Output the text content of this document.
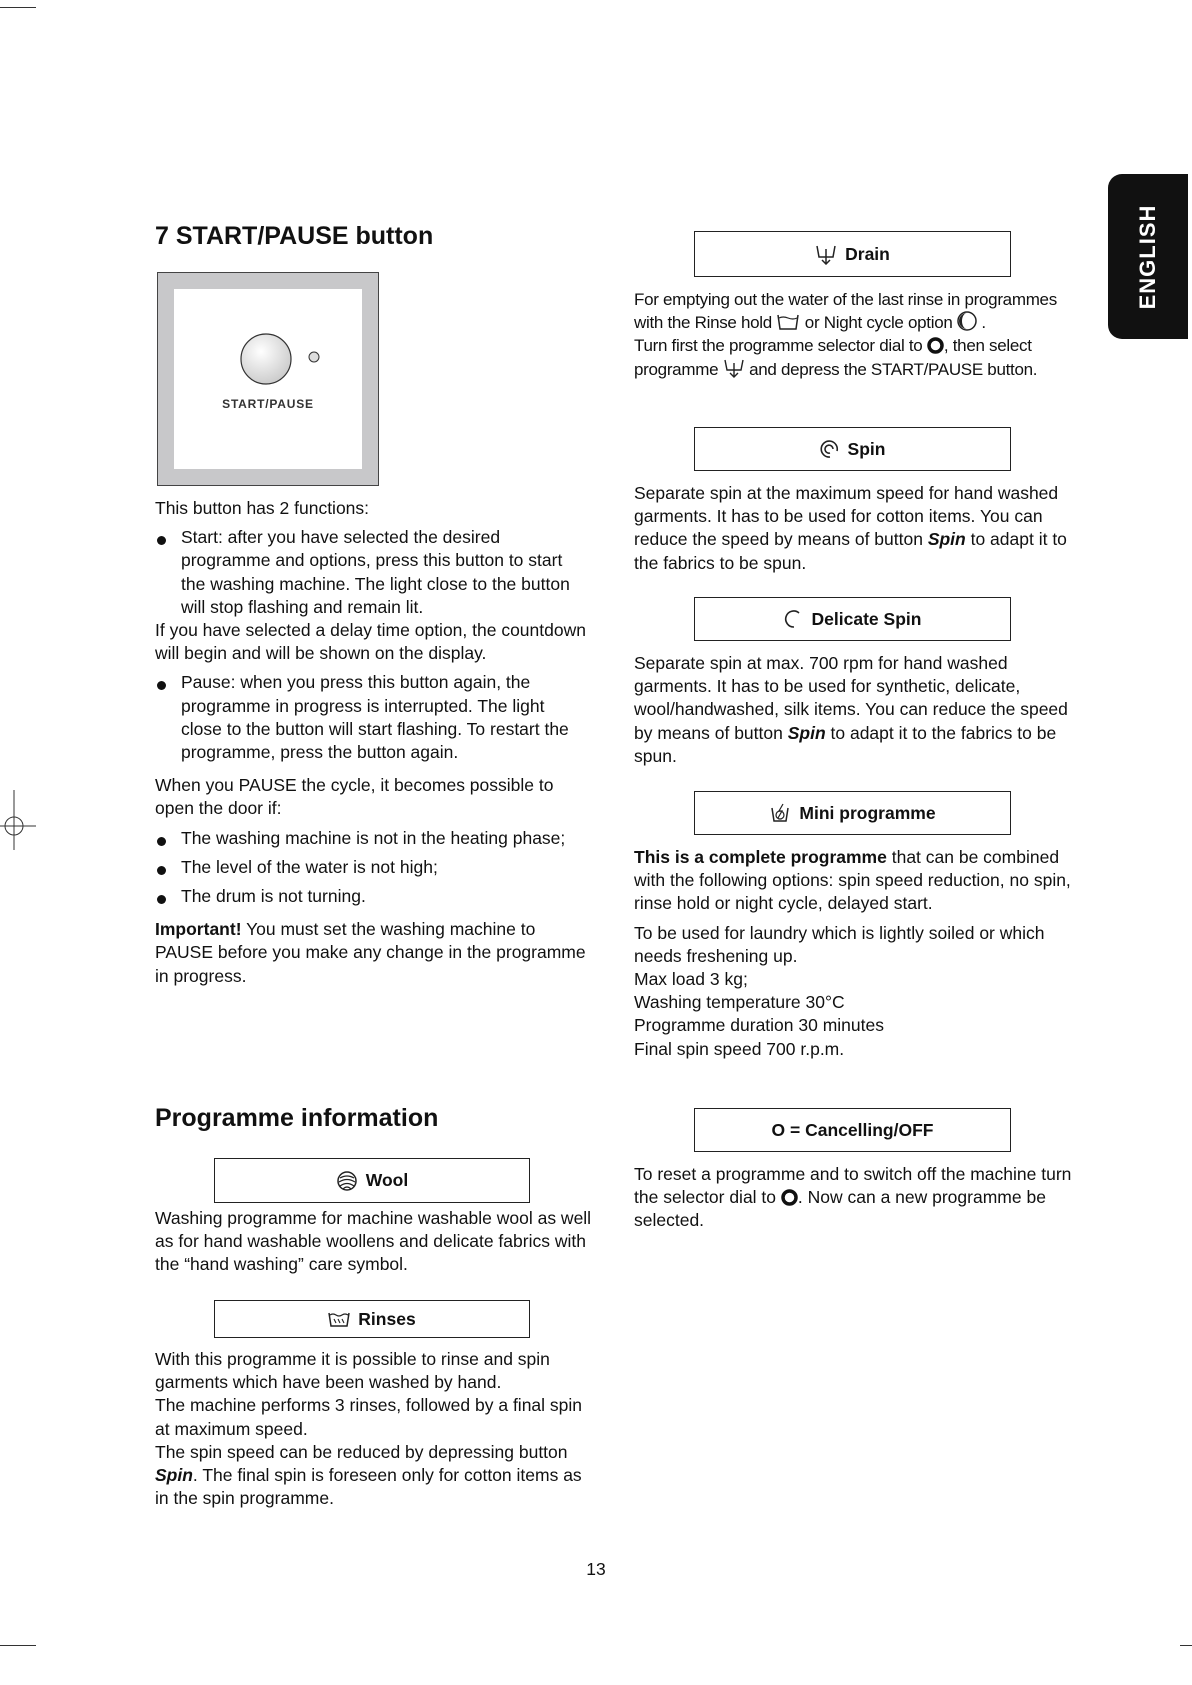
ENGLISH
7 START/PAUSE button
START/PAUSE

This button has 2 functions:

Start: after you have selected the desired programme and options, press this button to start the washing machine. The light close to the button will stop flashing and remain lit.

If you have selected a delay time option, the countdown will begin and will be shown on the display.

Pause: when you press this button again, the programme in progress is interrupted. The light close to the button will start flashing. To restart the programme, press the button again.

When you PAUSE the cycle, it becomes possible to open the door if:

The washing machine is not in the heating phase;

The level of the water is not high;

The drum is not turning.

Important! You must set the washing machine to PAUSE before you make any change in the programme in progress.

Programme information
Wool

Washing programme for machine washable wool as well as for hand washable woollens and delicate fabrics with the “hand washing” care symbol.

Rinses

With this programme it is possible to rinse and spin garments which have been washed by hand.

The machine performs 3 rinses, followed by a final spin at maximum speed.

The spin speed can be reduced by depressing button Spin. The final spin is foreseen only for cotton items as in the spin programme.

Drain

For emptying out the water of the last rinse in programmes with the Rinse hold  or Night cycle option  .
Turn first the programme selector dial to , then select programme  and depress the START/PAUSE button.

Spin

Separate spin at the maximum speed for hand washed garments. It has to be used for cotton items. You can reduce the speed by means of button Spin to adapt it to the fabrics to be spun.

Delicate Spin

Separate spin at max. 700 rpm for hand washed garments. It has to be used for synthetic, delicate, wool/handwashed, silk items. You can reduce the speed by means of button Spin to adapt it to the fabrics to be spun.

Mini programme

This is a complete programme that can be combined with the following options: spin speed reduction, no spin, rinse hold or night cycle, delayed start.

To be used for laundry which is lightly soiled or which needs freshening up.

Max load 3 kg;

Washing temperature 30°C

Programme duration 30 minutes

Final spin speed 700 r.p.m.

O = Cancelling/OFF

To reset a programme and to switch off the machine turn the selector dial to . Now can a new programme be selected.

13
